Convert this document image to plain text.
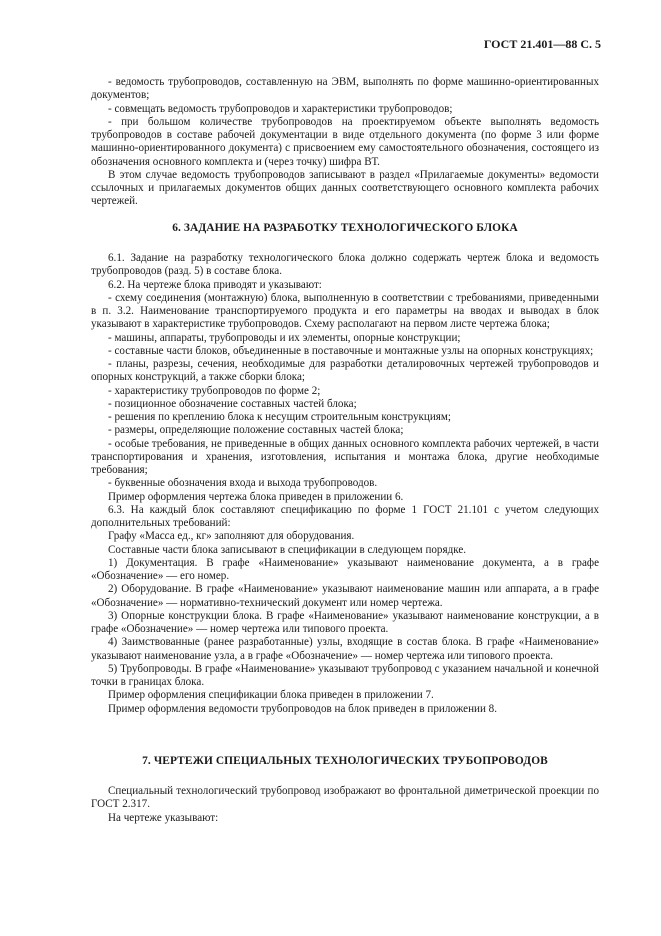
ГОСТ 21.401—88 С. 5

- ведомость трубопроводов, составленную на ЭВМ, выполнять по форме машинно-ориентированных документов;

- совмещать ведомость трубопроводов и характеристики трубопроводов;

- при большом количестве трубопроводов на проектируемом объекте выполнять ведомость трубопроводов в составе рабочей документации в виде отдельного документа (по форме 3 или форме машинно-ориентированного документа) с присвоением ему самостоятельного обозначения, состоящего из обозначения основного комплекта и (через точку) шифра ВТ.

В этом случае ведомость трубопроводов записывают в раздел «Прилагаемые документы» ведомости ссылочных и прилагаемых документов общих данных соответствующего основного комплекта рабочих чертежей.

6. ЗАДАНИЕ НА РАЗРАБОТКУ ТЕХНОЛОГИЧЕСКОГО БЛОКА

6.1. Задание на разработку технологического блока должно содержать чертеж блока и ведомость трубопроводов (разд. 5) в составе блока.

6.2. На чертеже блока приводят и указывают:

- схему соединения (монтажную) блока, выполненную в соответствии с требованиями, приведенными в п. 3.2. Наименование транспортируемого продукта и его параметры на вводах и выводах в блок указывают в характеристике трубопроводов. Схему располагают на первом листе чертежа блока;

- машины, аппараты, трубопроводы и их элементы, опорные конструкции;

- составные части блоков, объединенные в поставочные и монтажные узлы на опорных конструкциях;

- планы, разрезы, сечения, необходимые для разработки деталировочных чертежей трубопроводов и опорных конструкций, а также сборки блока;

- характеристику трубопроводов по форме 2;

- позиционное обозначение составных частей блока;

- решения по креплению блока к несущим строительным конструкциям;

- размеры, определяющие положение составных частей блока;

- особые требования, не приведенные в общих данных основного комплекта рабочих чертежей, в части транспортирования и хранения, изготовления, испытания и монтажа блока, другие необходимые требования;

- буквенные обозначения входа и выхода трубопроводов.

Пример оформления чертежа блока приведен в приложении 6.

6.3. На каждый блок составляют спецификацию по форме 1 ГОСТ 21.101 с учетом следующих дополнительных требований:

Графу «Масса ед., кг» заполняют для оборудования.

Составные части блока записывают в спецификации в следующем порядке.

1) Документация. В графе «Наименование» указывают наименование документа, а в графе «Обозначение» — его номер.

2) Оборудование. В графе «Наименование» указывают наименование машин или аппарата, а в графе «Обозначение» — нормативно-технический документ или номер чертежа.

3) Опорные конструкции блока. В графе «Наименование» указывают наименование конструкции, а в графе «Обозначение» — номер чертежа или типового проекта.

4) Заимствованные (ранее разработанные) узлы, входящие в состав блока. В графе «Наименование» указывают наименование узла, а в графе «Обозначение» — номер чертежа или типового проекта.

5) Трубопроводы. В графе «Наименование» указывают трубопровод с указанием начальной и конечной точки в границах блока.

Пример оформления спецификации блока приведен в приложении 7.

Пример оформления ведомости трубопроводов на блок приведен в приложении 8.

7. ЧЕРТЕЖИ СПЕЦИАЛЬНЫХ ТЕХНОЛОГИЧЕСКИХ ТРУБОПРОВОДОВ

Специальный технологический трубопровод изображают во фронтальной диметрической проекции по ГОСТ 2.317.

На чертеже указывают:
